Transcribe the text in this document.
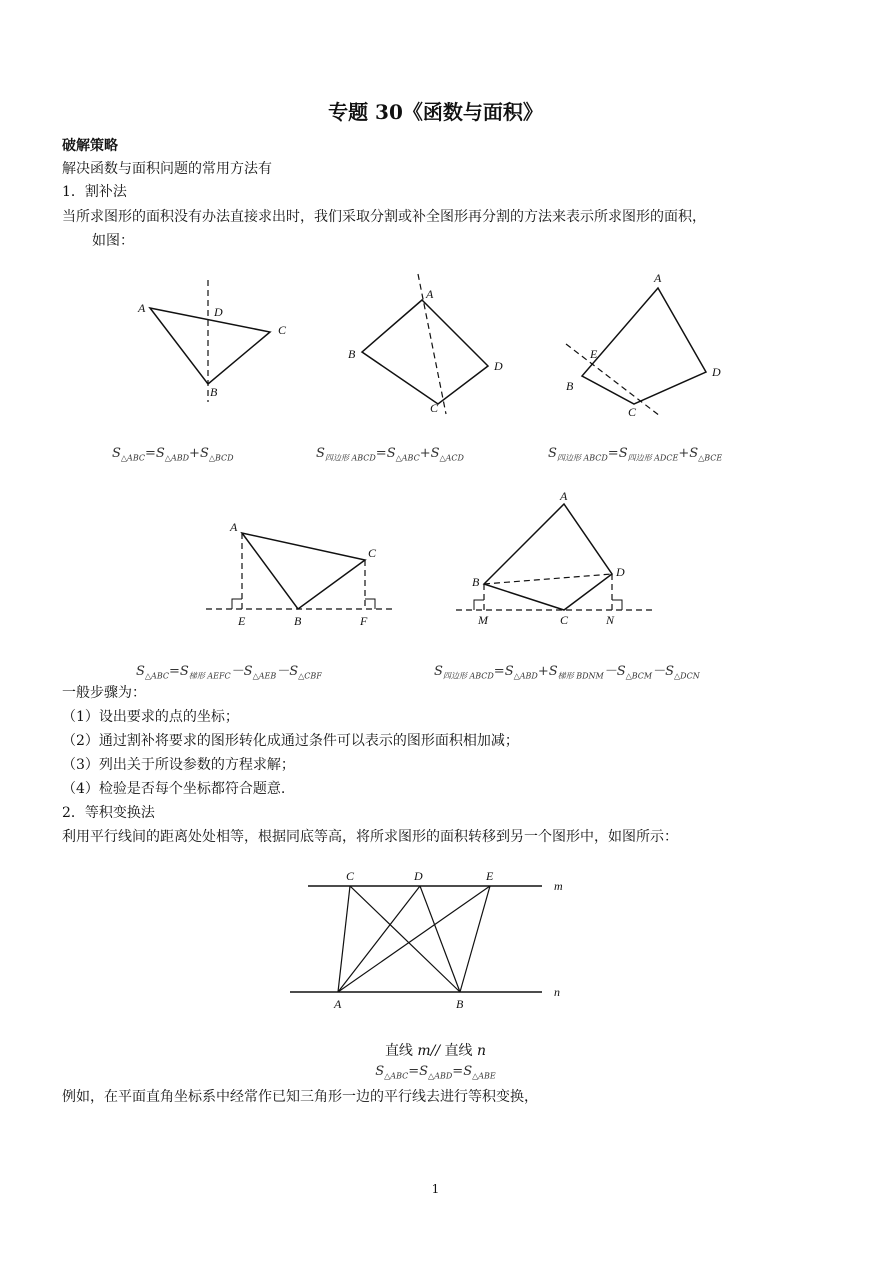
专题 30《函数与面积》
破解策略
解决函数与面积问题的常用方法有
1．割补法
当所求图形的面积没有办法直接求出时，我们采取分割或补全图形再分割的方法来表示所求图形的面积，
如图：
A	D
C
B
A
B
D
C
A
E
B
D
C
$S_{\triangle ABC}=S_{\triangle ABD}+S_{\triangle BCD}$	$S_{四边形 ABCD}=S_{\triangle ABC}+S_{\triangle ACD}$	$S_{四边形 ABCD}=S_{四边形 ADCE}+S_{\triangle BCE}$
A
C
E	B	F
A
B
D
M	C	N
$S_{\triangle ABC}=S_{梯形 AEFC}-S_{\triangle AEB}-S_{\triangle CBF}$	$S_{四边形 ABCD}=S_{\triangle ABD}+S_{梯形 BDNM}-S_{\triangle BCM}-S_{\triangle DCN}$
一般步骤为：
（1）设出要求的点的坐标；
（2）通过割补将要求的图形转化成通过条件可以表示的图形面积相加减；
（3）列出关于所设参数的方程求解；
（4）检验是否每个坐标都符合题意.
2．等积变换法
利用平行线间的距离处处相等，根据同底等高，将所求图形的面积转移到另一个图形中，如图所示：
C	D	E
m
n
A	B
直线 m// 直线 n
$S_{\triangle ABC}=S_{\triangle ABD}=S_{\triangle ABE}$
例如，在平面直角坐标系中经常作已知三角形一边的平行线去进行等积变换，
1
